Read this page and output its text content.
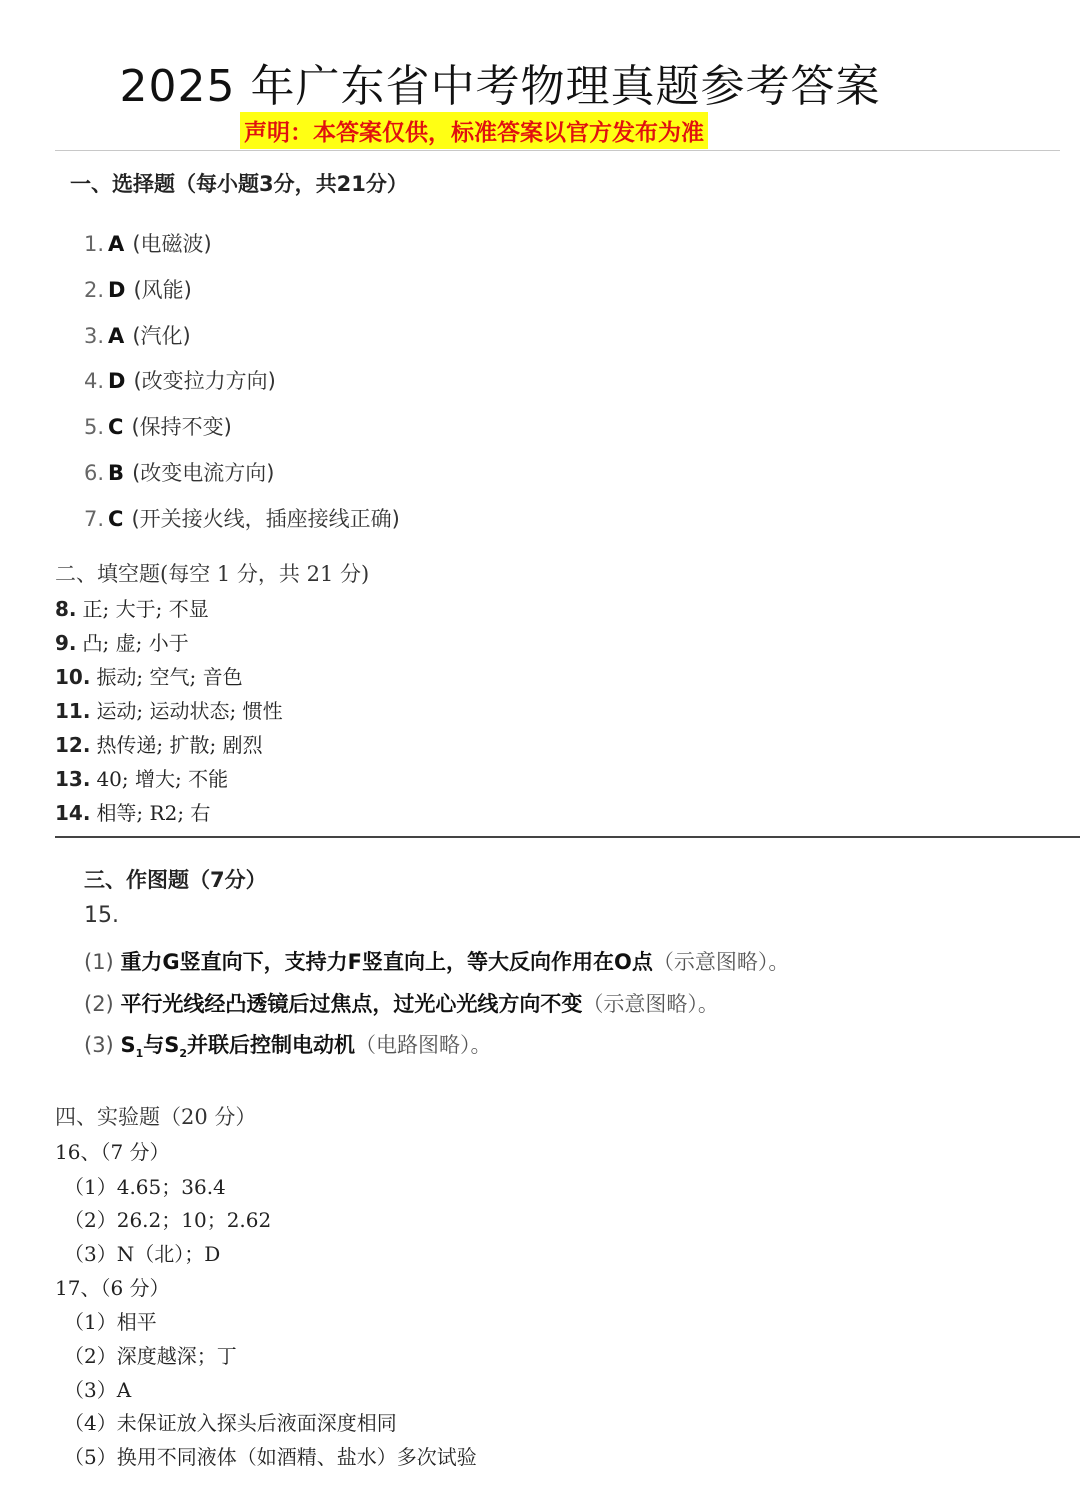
2025 年广东省中考物理真题参考答案
声明：本答案仅供，标准答案以官方发布为准
一、选择题（每小题3分，共21分）
1. A (电磁波)
2. D (风能)
3. A (汽化)
4. D (改变拉力方向)
5. C (保持不变)
6. B (改变电流方向)
7. C (开关接火线，插座接线正确)
二、填空题(每空 1 分，共 21 分)
8. 正; 大于; 不显
9. 凸; 虚; 小于
10. 振动; 空气; 音色
11. 运动; 运动状态; 惯性
12. 热传递; 扩散; 剧烈
13. 40; 增大; 不能
14. 相等; R2; 右
三、作图题（7分）
15.
(1) 重力G竖直向下，支持力F竖直向上，等大反向作用在O点（示意图略）。
(2) 平行光线经凸透镜后过焦点，过光心光线方向不变（示意图略）。
(3) $S_1$与$S_2$并联后控制电动机（电路图略）。
四、实验题（20 分）
16、（7 分）
（1）4.65；36.4
（2）26.2；10；2.62
（3）N（北）；D
17、（6 分）
（1）相平
（2）深度越深；丁
（3）A
（4）未保证放入探头后液面深度相同
（5）换用不同液体（如酒精、盐水）多次试验
